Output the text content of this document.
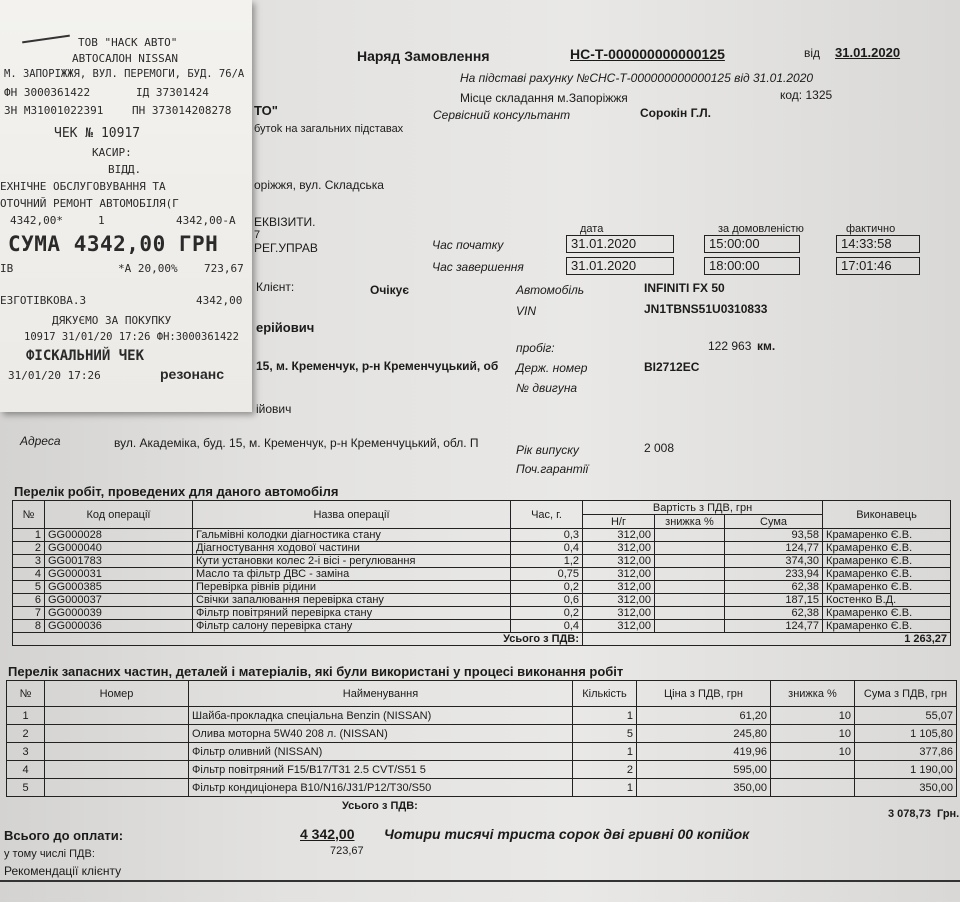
Наряд Замовлення	НС-Т-000000000000125	від 31.01.2020
На підставі рахунку №СНС-Т-000000000000125 від 31.01.2020
Місце складання м.Запоріжжя	код: 1325
Сервісний консультант	Сорокін Г.Л.
ТО"
бутok на загальних підставах
оріжжя, вул. Складська
ЕКВІЗИТИ.
7
РЕГ.УПРАВ
дата	за домовленістю	фактично
Час початку
Час завершення
31.01.2020	15:00:00	14:33:58
31.01.2020	18:00:00	17:01:46
Клієнт:	Очікує
ерійович
15, м. Кременчук, р-н Кременчуцький, об
ійович
Автомобіль	INFINITI FX 50
VIN	JN1TBNS51U0310833
пробіг:	122 963 км.
Держ. номер	BI2712EC
№ двигуна
Рік випуску	2 008
Поч.гарантії
Адреса	вул. Академіка, буд. 15, м. Кременчук, р-н Кременчуцький, обл. П
Перелік робіт, проведених для даного автомобіля
№	Код операції	Назва операції	Час, г.	Вартість з ПДВ, грн			Виконавець
				Н/г	знижка %	Сума	
1	GG000028	Гальмівні колодки діагностика стану	0,3	312,00		93,58	Крамаренко Є.В.
2	GG000040	Діагностування ходової частини	0,4	312,00		124,77	Крамаренко Є.В.
3	GG001783	Кути установки колес 2-і вісі - регулювання	1,2	312,00		374,30	Крамаренко Є.В.
4	GG000031	Масло та фільтр ДВС - заміна	0,75	312,00		233,94	Крамаренко Є.В.
5	GG000385	Перевірка рівнів рідини	0,2	312,00		62,38	Крамаренко Є.В.
6	GG000037	Свічки запалювання перевірка стану	0,6	312,00		187,15	Костенко В.Д.
7	GG000039	Фільтр повітряний перевірка стану	0,2	312,00		62,38	Крамаренко Є.В.
8	GG000036	Фільтр салону перевірка стану	0,4	312,00		124,77	Крамаренко Є.В.
Усього з ПДВ:				1 263,27			
Перелік запасних частин, деталей і матеріалів, які були використані у процесі виконання робіт
№	Номер	Найменування	Кількість	Ціна з ПДВ, грн	знижка %	Сума з ПДВ, грн
1		Шайба-прокладка спеціальна Benzin (NISSAN)	1	61,20	10	55,07
2		Олива моторна 5W40 208 л. (NISSAN)	5	245,80	10	1 105,80
3		Фільтр оливний (NISSAN)	1	419,96	10	377,86
4		Фільтр повітряний F15/B17/T31 2.5 CVT/S51 5	2	595,00		1 190,00
5		Фільтр кондиціонера B10/N16/J31/P12/T30/S50	1	350,00		350,00
Усього з ПДВ:
3 078,73 Грн.
Всього до оплати:	4 342,00 Чотири тисячі триста сорок дві гривні 00 копійок
у тому числі ПДВ:	723,67
Рекомендації клієнту
ТОВ "НАСК АВТО"
АВТОСАЛОН NISSAN
М. ЗАПОРІЖЖЯ, ВУЛ. ПЕРЕМОГИ, БУД. 76/А
ФН 3000361422	ІД 37301424
ЗН М31001022391	ПН 373014208278
ЧЕК № 10917
КАСИР:
ВІДД.
ЕХНІЧНЕ ОБСЛУГОВУВАННЯ ТА
ОТОЧНИЙ РЕМОНТ АВТОМОБІЛЯ(Г
4342,00*	1	4342,00-А
СУМА 4342,00 ГРН
ІВ	*А 20,00% 723,67
ЕЗГОТІВКОВА.3	4342,00
ДЯКУЄМО ЗА ПОКУПКУ
10917 31/01/20 17:26 ФН:3000361422
ФІСКАЛЬНИЙ ЧЕК
31/01/20 17:26	резонанс
